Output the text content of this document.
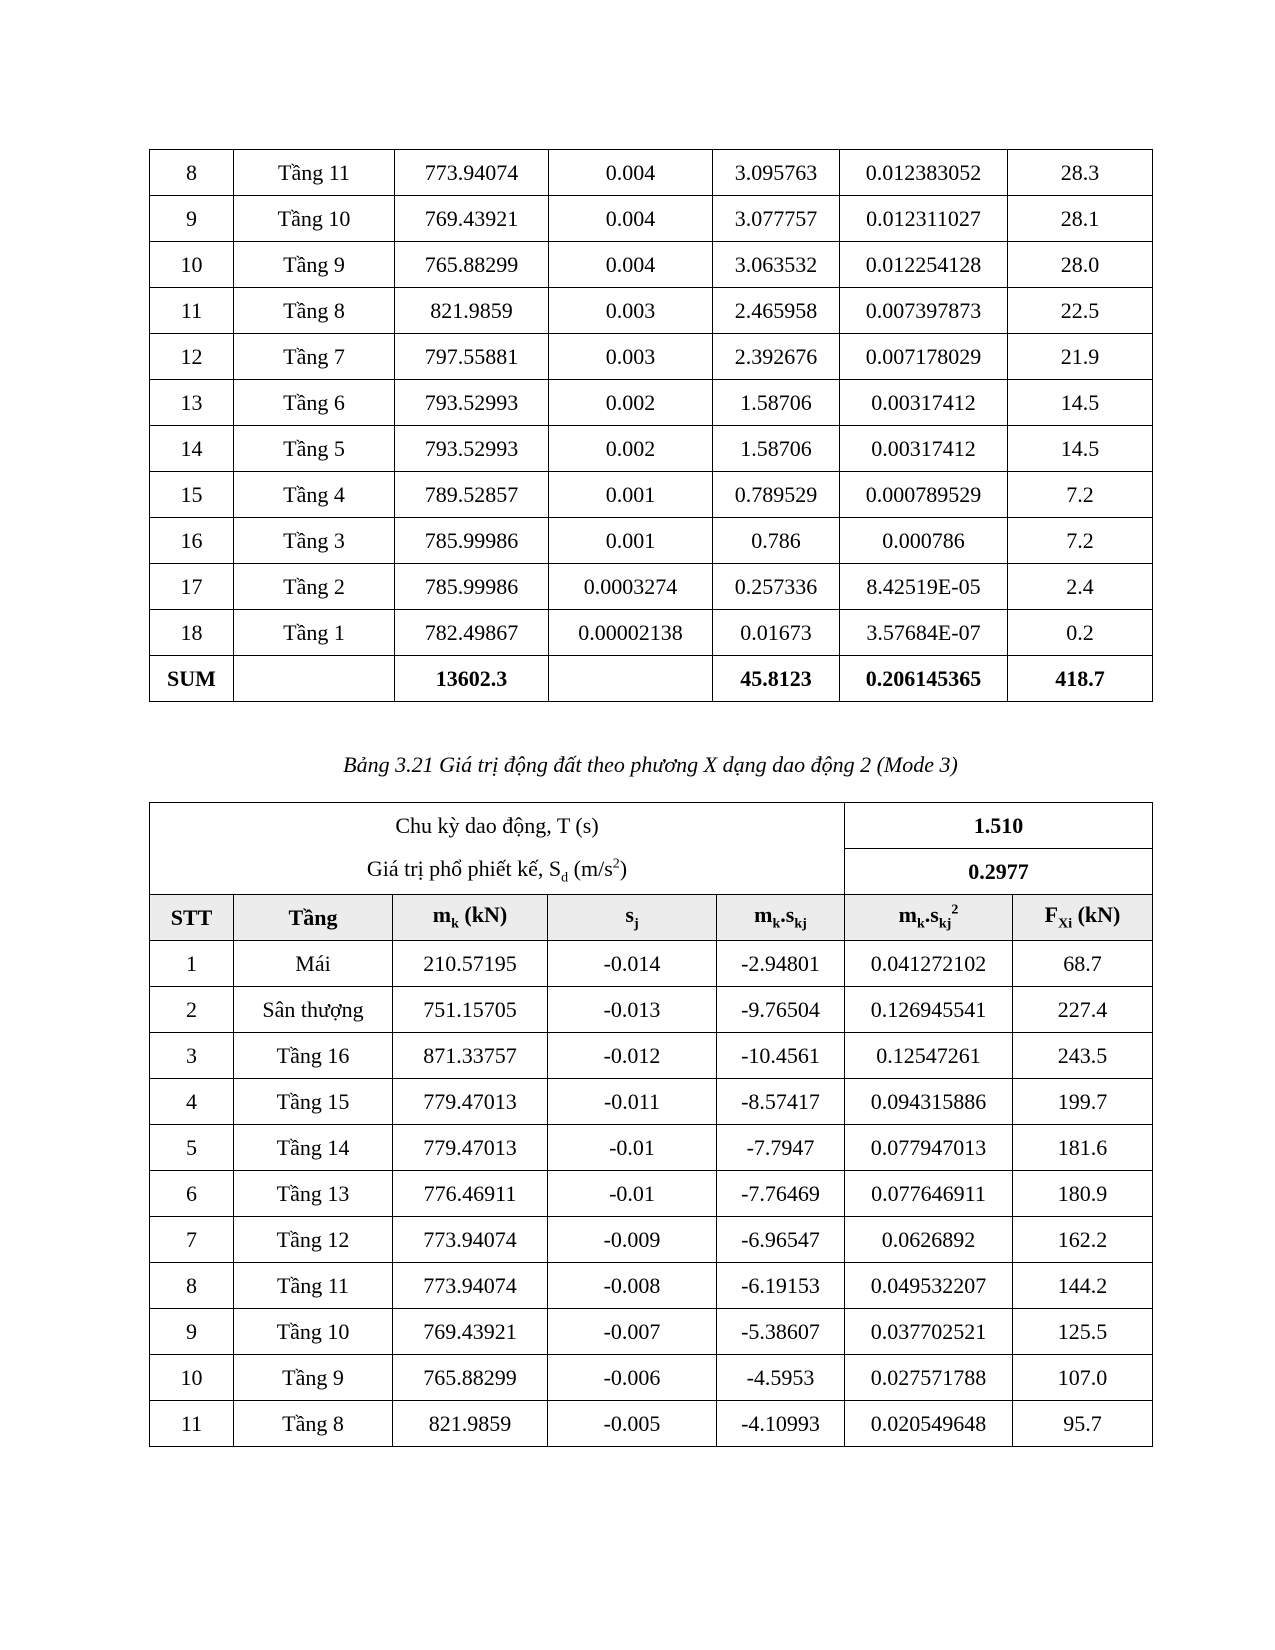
8	Tầng 11	773.94074	0.004	3.095763	0.012383052	28.3
9	Tầng 10	769.43921	0.004	3.077757	0.012311027	28.1
10	Tầng 9	765.88299	0.004	3.063532	0.012254128	28.0
11	Tầng 8	821.9859	0.003	2.465958	0.007397873	22.5
12	Tầng 7	797.55881	0.003	2.392676	0.007178029	21.9
13	Tầng 6	793.52993	0.002	1.58706	0.00317412	14.5
14	Tầng 5	793.52993	0.002	1.58706	0.00317412	14.5
15	Tầng 4	789.52857	0.001	0.789529	0.000789529	7.2
16	Tầng 3	785.99986	0.001	0.786	0.000786	7.2
17	Tầng 2	785.99986	0.0003274	0.257336	8.42519E-05	2.4
18	Tầng 1	782.49867	0.00002138	0.01673	3.57684E-07	0.2
SUM		13602.3		45.8123	0.206145365	418.7
Bảng 3.21 Giá trị động đất theo phương X dạng dao động 2 (Mode 3)
Chu kỳ dao động, T (s)					1.510	
Giá trị phổ phiết kế, $S_d$ $(m/s^2)$					0.2977	
STT	Tầng	$m_k$ (kN)	$s_j$	$m_k.s_{kj}$	$m_k.s_{kj}^2$	$F_{Xi}$ (kN)
1	Mái	210.57195	-0.014	-2.94801	0.041272102	68.7
2	Sân thượng	751.15705	-0.013	-9.76504	0.126945541	227.4
3	Tầng 16	871.33757	-0.012	-10.4561	0.12547261	243.5
4	Tầng 15	779.47013	-0.011	-8.57417	0.094315886	199.7
5	Tầng 14	779.47013	-0.01	-7.7947	0.077947013	181.6
6	Tầng 13	776.46911	-0.01	-7.76469	0.077646911	180.9
7	Tầng 12	773.94074	-0.009	-6.96547	0.0626892	162.2
8	Tầng 11	773.94074	-0.008	-6.19153	0.049532207	144.2
9	Tầng 10	769.43921	-0.007	-5.38607	0.037702521	125.5
10	Tầng 9	765.88299	-0.006	-4.5953	0.027571788	107.0
11	Tầng 8	821.9859	-0.005	-4.10993	0.020549648	95.7
